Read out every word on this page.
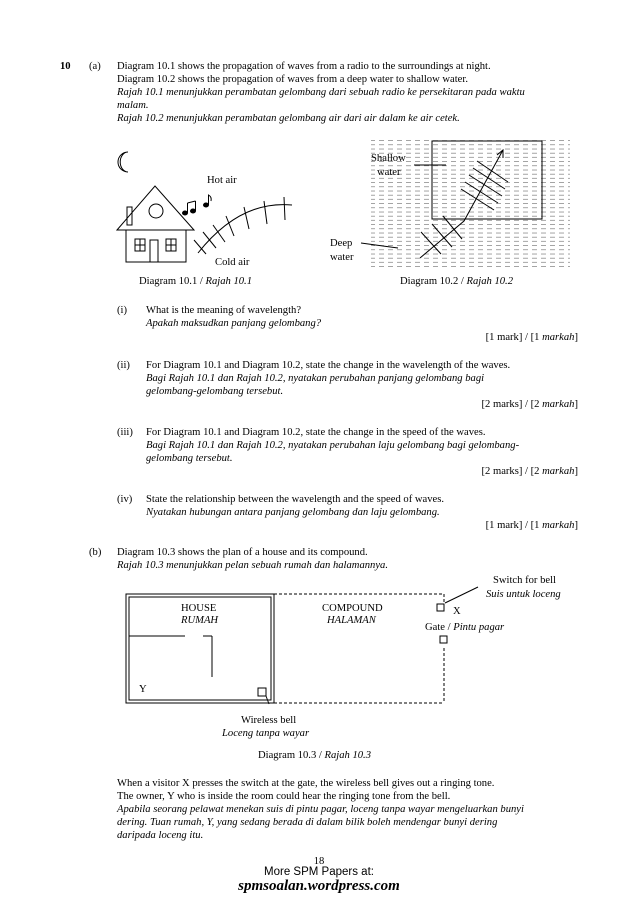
10 (a) Diagram 10.1 shows the propagation of waves from a radio to the surroundings at night.
Diagram 10.2 shows the propagation of waves from a deep water to shallow water.
Rajah 10.1 menunjukkan perambatan gelombang dari sebuah radio ke persekitaran pada waktu
malam.
Rajah 10.2 menunjukkan perambatan gelombang air dari air dalam ke air cetek.
Hot air
Cold air
Shallow
water
Deep
water
Diagram 10.1 / Rajah 10.1	Diagram 10.2 / Rajah 10.2
(i) What is the meaning of wavelength?
Apakah maksudkan panjang gelombang?
[1 mark] / [1 markah]
(ii) For Diagram 10.1 and Diagram 10.2, state the change in the wavelength of the waves.
Bagi Rajah 10.1 dan Rajah 10.2, nyatakan perubahan panjang gelombang bagi
gelombang-gelombang tersebut.
[2 marks] / [2 markah]
(iii) For Diagram 10.1 and Diagram 10.2, state the change in the speed of the waves.
Bagi Rajah 10.1 dan Rajah 10.2, nyatakan perubahan laju gelombang bagi gelombang-
gelombang tersebut.
[2 marks] / [2 markah]
(iv) State the relationship between the wavelength and the speed of waves.
Nyatakan hubungan antara panjang gelombang dan laju gelombang.
[1 mark] / [1 markah]
(b) Diagram 10.3 shows the plan of a house and its compound.
Rajah 10.3 menunjukkan pelan sebuah rumah dan halamannya.
HOUSE
RUMAH
COMPOUND
HALAMAN
Switch for bell
Suis untuk loceng
X
Gate / Pintu pagar
Y
Wireless bell
Loceng tanpa wayar
Diagram 10.3 / Rajah 10.3
When a visitor X presses the switch at the gate, the wireless bell gives out a ringing tone.
The owner, Y who is inside the room could hear the ringing tone from the bell.
Apabila seorang pelawat menekan suis di pintu pagar, loceng tanpa wayar mengeluarkan bunyi
dering. Tuan rumah, Y, yang sedang berada di dalam bilik boleh mendengar bunyi dering
daripada loceng itu.
18
More SPM Papers at:
spmsoalan.wordpress.com
